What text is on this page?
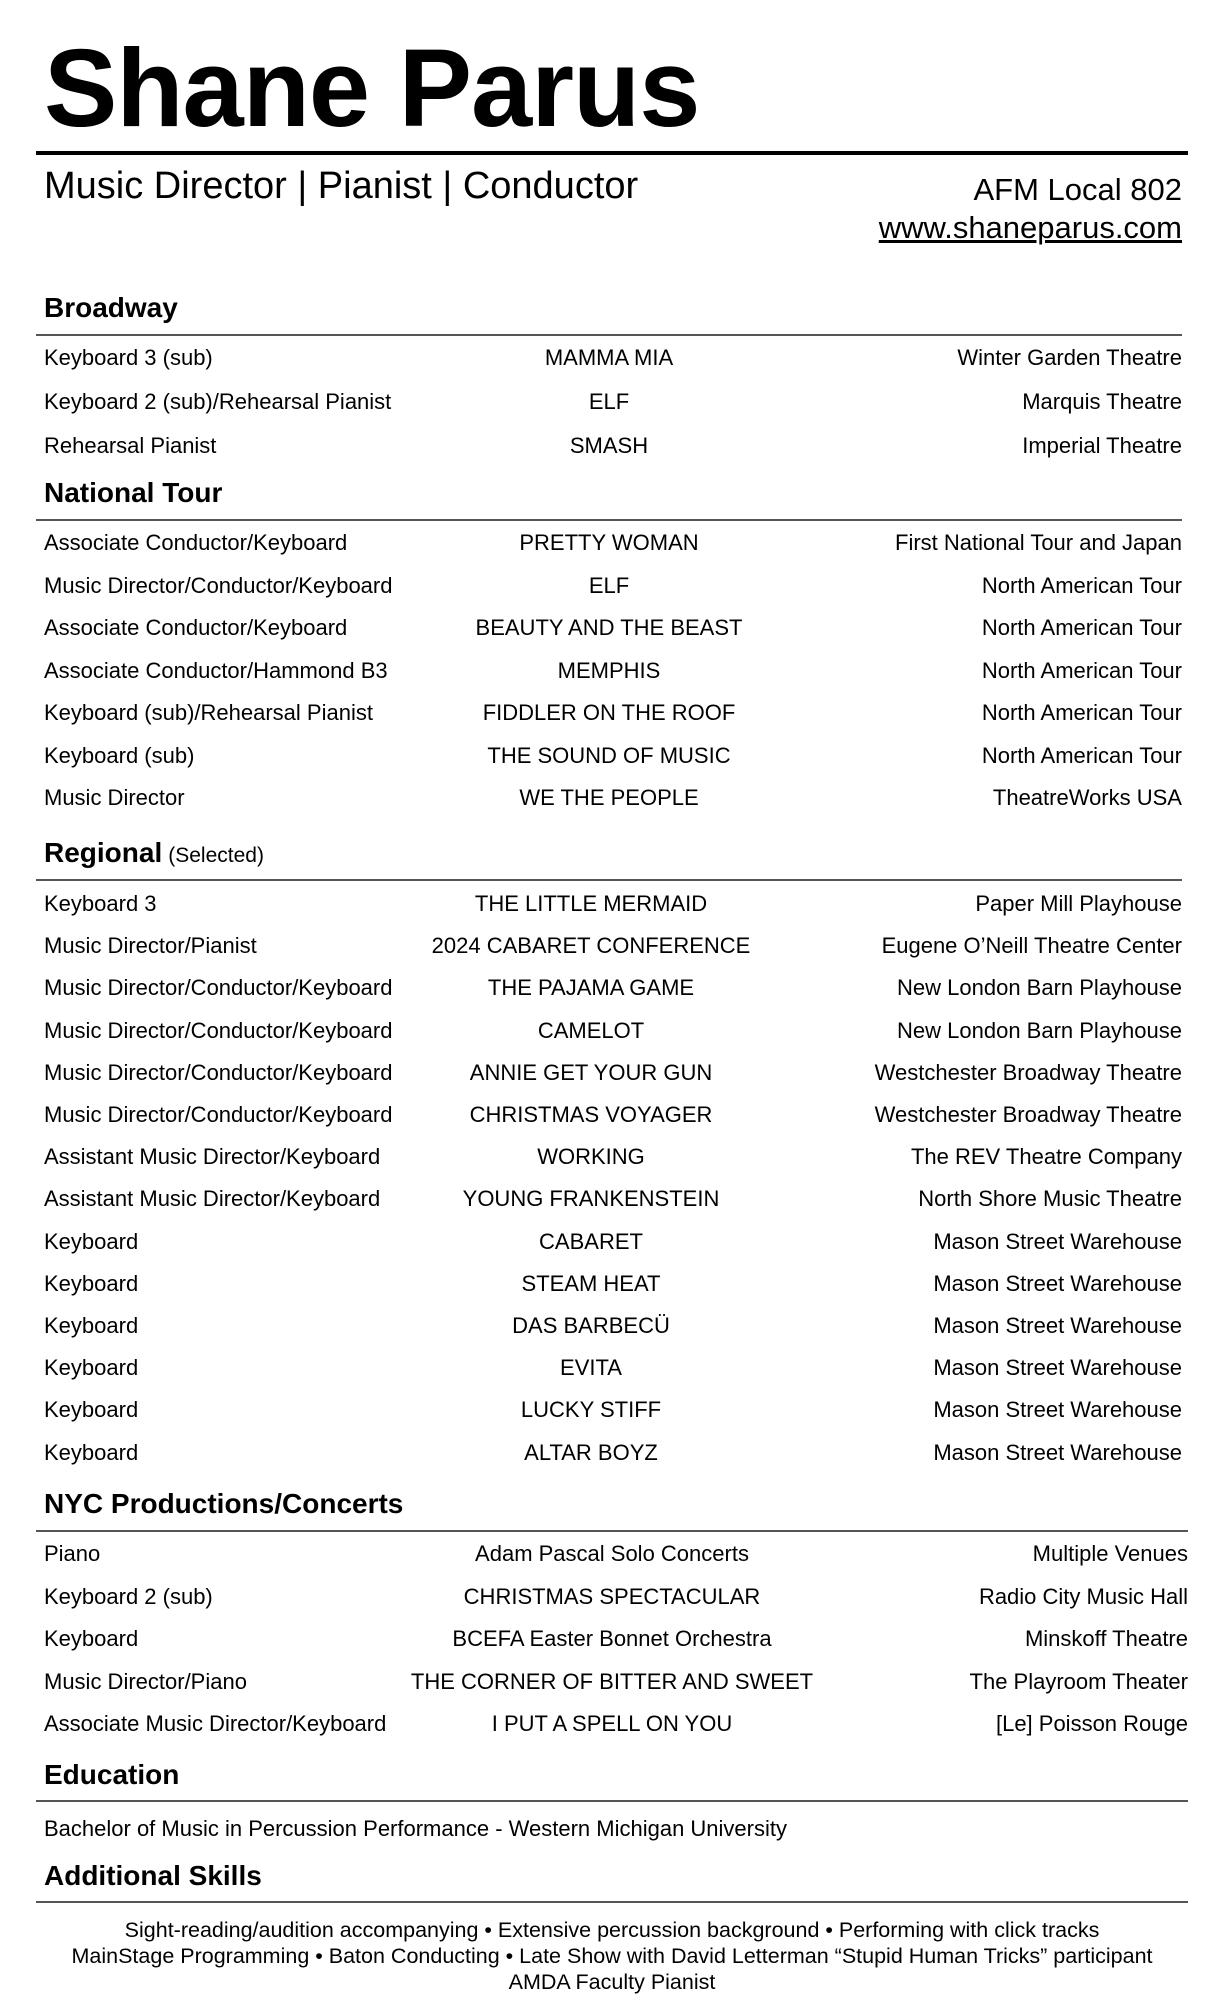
Shane Parus
Music Director | Pianist | Conductor	AFM Local 802
www.shaneparus.com
Broadway
Keyboard 3 (sub)	MAMMA MIA	Winter Garden Theatre
Keyboard 2 (sub)/Rehearsal Pianist	ELF	Marquis Theatre
Rehearsal Pianist	SMASH	Imperial Theatre
National Tour
Associate Conductor/Keyboard	PRETTY WOMAN	First National Tour and Japan
Music Director/Conductor/Keyboard	ELF	North American Tour
Associate Conductor/Keyboard	BEAUTY AND THE BEAST	North American Tour
Associate Conductor/Hammond B3	MEMPHIS	North American Tour
Keyboard (sub)/Rehearsal Pianist	FIDDLER ON THE ROOF	North American Tour
Keyboard (sub)	THE SOUND OF MUSIC	North American Tour
Music Director	WE THE PEOPLE	TheatreWorks USA
Regional (Selected)
Keyboard 3	THE LITTLE MERMAID	Paper Mill Playhouse
Music Director/Pianist	2024 CABARET CONFERENCE	Eugene O’Neill Theatre Center
Music Director/Conductor/Keyboard	THE PAJAMA GAME	New London Barn Playhouse
Music Director/Conductor/Keyboard	CAMELOT	New London Barn Playhouse
Music Director/Conductor/Keyboard	ANNIE GET YOUR GUN	Westchester Broadway Theatre
Music Director/Conductor/Keyboard	CHRISTMAS VOYAGER	Westchester Broadway Theatre
Assistant Music Director/Keyboard	WORKING	The REV Theatre Company
Assistant Music Director/Keyboard	YOUNG FRANKENSTEIN	North Shore Music Theatre
Keyboard	CABARET	Mason Street Warehouse
Keyboard	STEAM HEAT	Mason Street Warehouse
Keyboard	DAS BARBECÜ	Mason Street Warehouse
Keyboard	EVITA	Mason Street Warehouse
Keyboard	LUCKY STIFF	Mason Street Warehouse
Keyboard	ALTAR BOYZ	Mason Street Warehouse
NYC Productions/Concerts
Piano	Adam Pascal Solo Concerts	Multiple Venues
Keyboard 2 (sub)	CHRISTMAS SPECTACULAR	Radio City Music Hall
Keyboard	BCEFA Easter Bonnet Orchestra	Minskoff Theatre
Music Director/Piano	THE CORNER OF BITTER AND SWEET	The Playroom Theater
Associate Music Director/Keyboard	I PUT A SPELL ON YOU	[Le] Poisson Rouge
Education
Bachelor of Music in Percussion Performance - Western Michigan University
Additional Skills
Sight-reading/audition accompanying • Extensive percussion background • Performing with click tracks
MainStage Programming • Baton Conducting • Late Show with David Letterman “Stupid Human Tricks” participant
AMDA Faculty Pianist
